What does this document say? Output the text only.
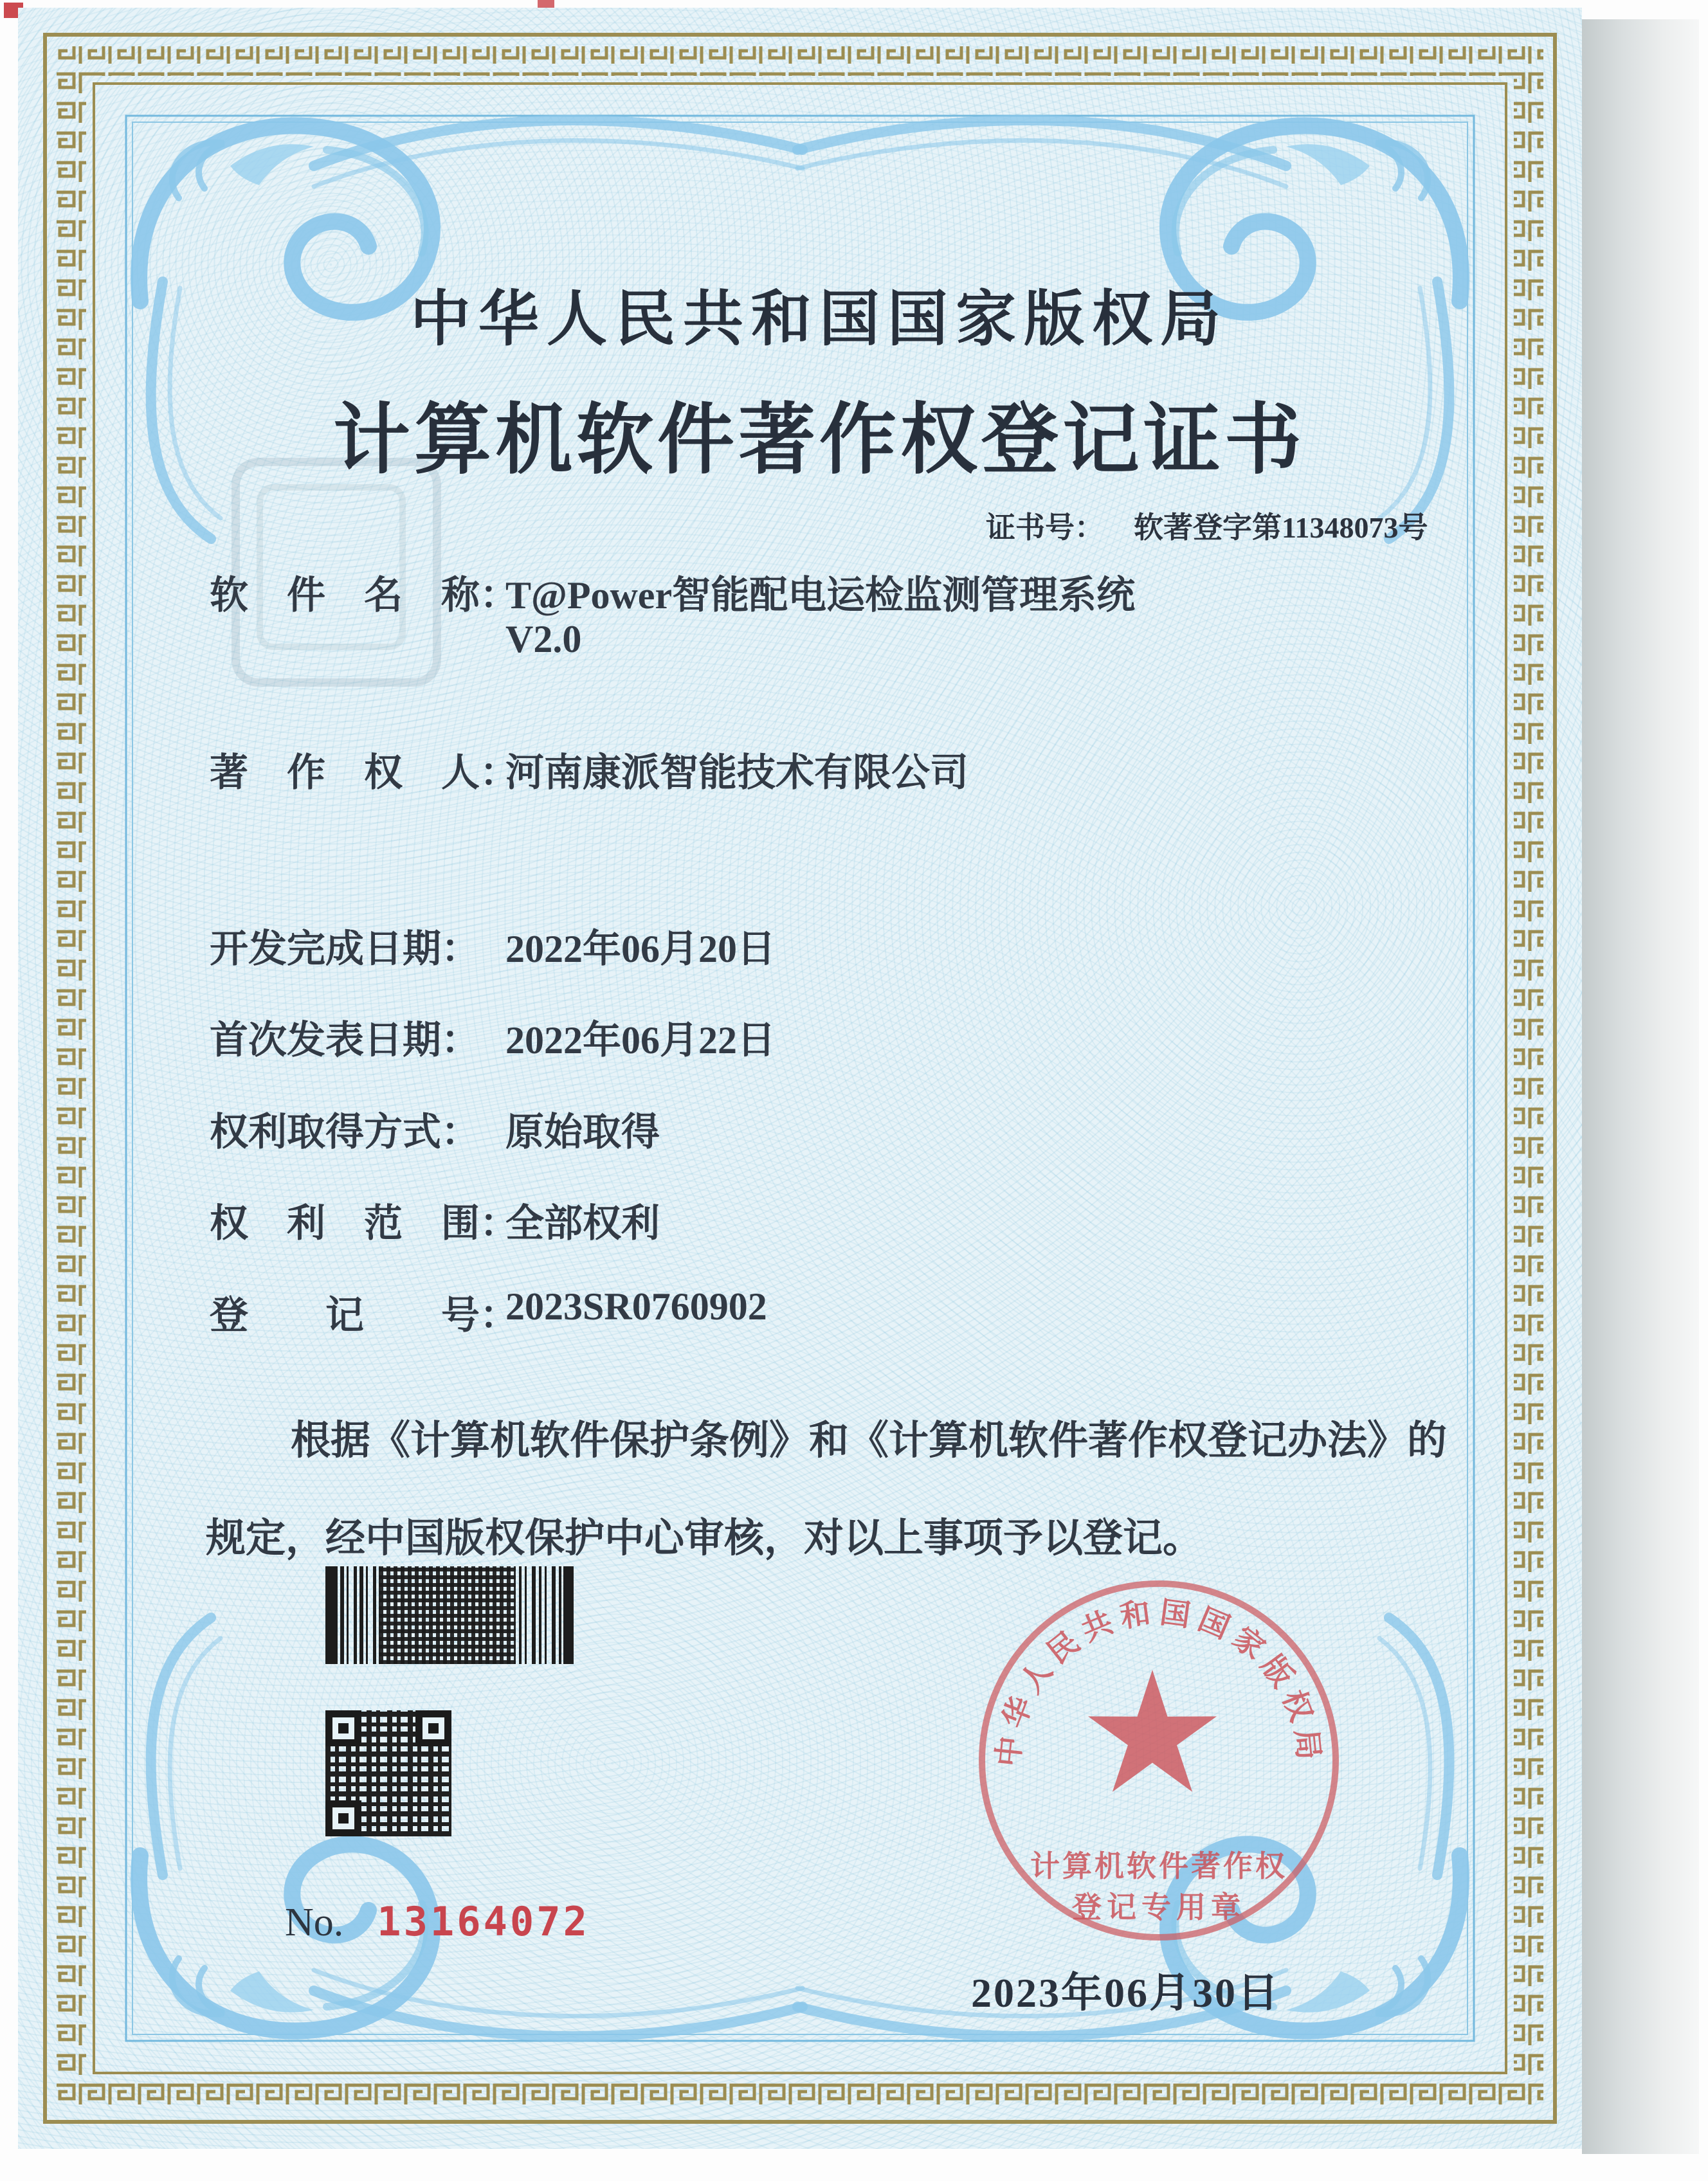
中华人民共和国国家版权局
计算机软件著作权登记证书
证书号： 软著登字第11348073号
软　件　名　称：
T@Power智能配电运检监测管理系统
V2.0
著　作　权　人：
河南康派智能技术有限公司
开发完成日期： 2022年06月20日
首次发表日期： 2022年06月22日
权利取得方式： 原始取得
权　利　范　围：
全部权利
登　　记　　号：
2023SR0760902
根据《计算机软件保护条例》和《计算机软件著作权登记办法》的
规定，经中国版权保护中心审核，对以上事项予以登记。
No. 13164072
中华人民共和国国家版权局
计算机软件著作权
登记专用章
2023年06月30日
